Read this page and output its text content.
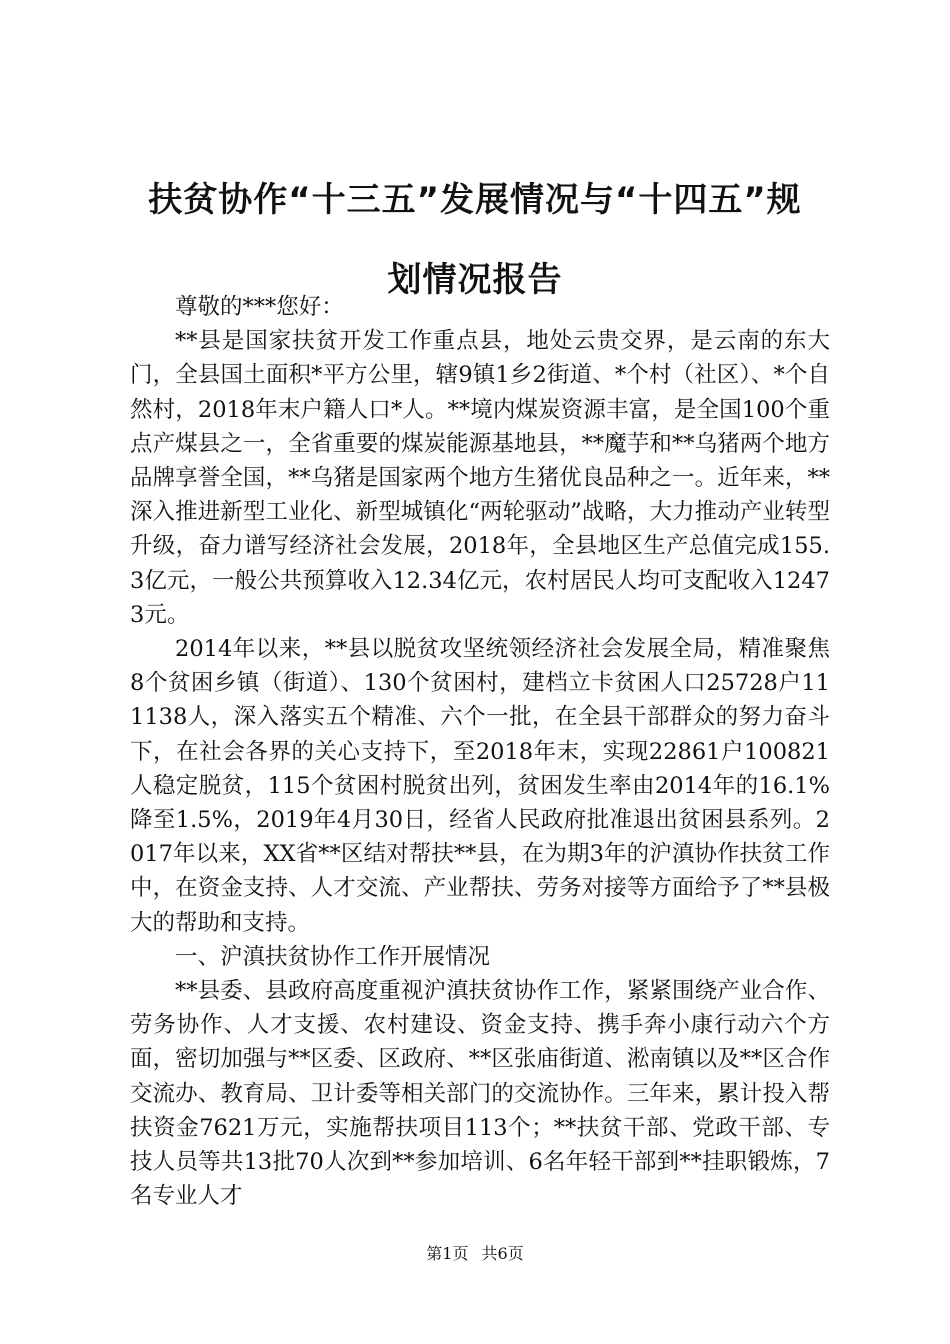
扶贫协作“十三五”发展情况与“十四五”规
划情况报告

尊敬的***您好：

**县是国家扶贫开发工作重点县，地处云贵交界，是云南的东大门，全县国土面积*平方公里，辖9镇1乡2街道、*个村（社区）、*个自然村，2018年末户籍人口*人。**境内煤炭资源丰富，是全国100个重点产煤县之一，全省重要的煤炭能源基地县，**魔芋和**乌猪两个地方品牌享誉全国，**乌猪是国家两个地方生猪优良品种之一。近年来，**深入推进新型工业化、新型城镇化“两轮驱动”战略，大力推动产业转型升级，奋力谱写经济社会发展，2018年，全县地区生产总值完成155.3亿元，一般公共预算收入12.34亿元，农村居民人均可支配收入12473元。

2014年以来，**县以脱贫攻坚统领经济社会发展全局，精准聚焦8个贫困乡镇（街道）、130个贫困村，建档立卡贫困人口25728户111138人，深入落实五个精准、六个一批，在全县干部群众的努力奋斗下，在社会各界的关心支持下，至2018年末，实现22861户100821人稳定脱贫，115个贫困村脱贫出列，贫困发生率由2014年的16.1%降至1.5%，2019年4月30日，经省人民政府批准退出贫困县系列。2017年以来，XX省**区结对帮扶**县，在为期3年的沪滇协作扶贫工作中，在资金支持、人才交流、产业帮扶、劳务对接等方面给予了**县极大的帮助和支持。

一、沪滇扶贫协作工作开展情况

**县委、县政府高度重视沪滇扶贫协作工作，紧紧围绕产业合作、劳务协作、人才支援、农村建设、资金支持、携手奔小康行动六个方面，密切加强与**区委、区政府、**区张庙街道、淞南镇以及**区合作交流办、教育局、卫计委等相关部门的交流协作。三年来，累计投入帮扶资金7621万元，实施帮扶项目113个；**扶贫干部、党政干部、专技人员等共13批70人次到**参加培训、6名年轻干部到**挂职锻炼，7名专业人才

第1页 共6页
